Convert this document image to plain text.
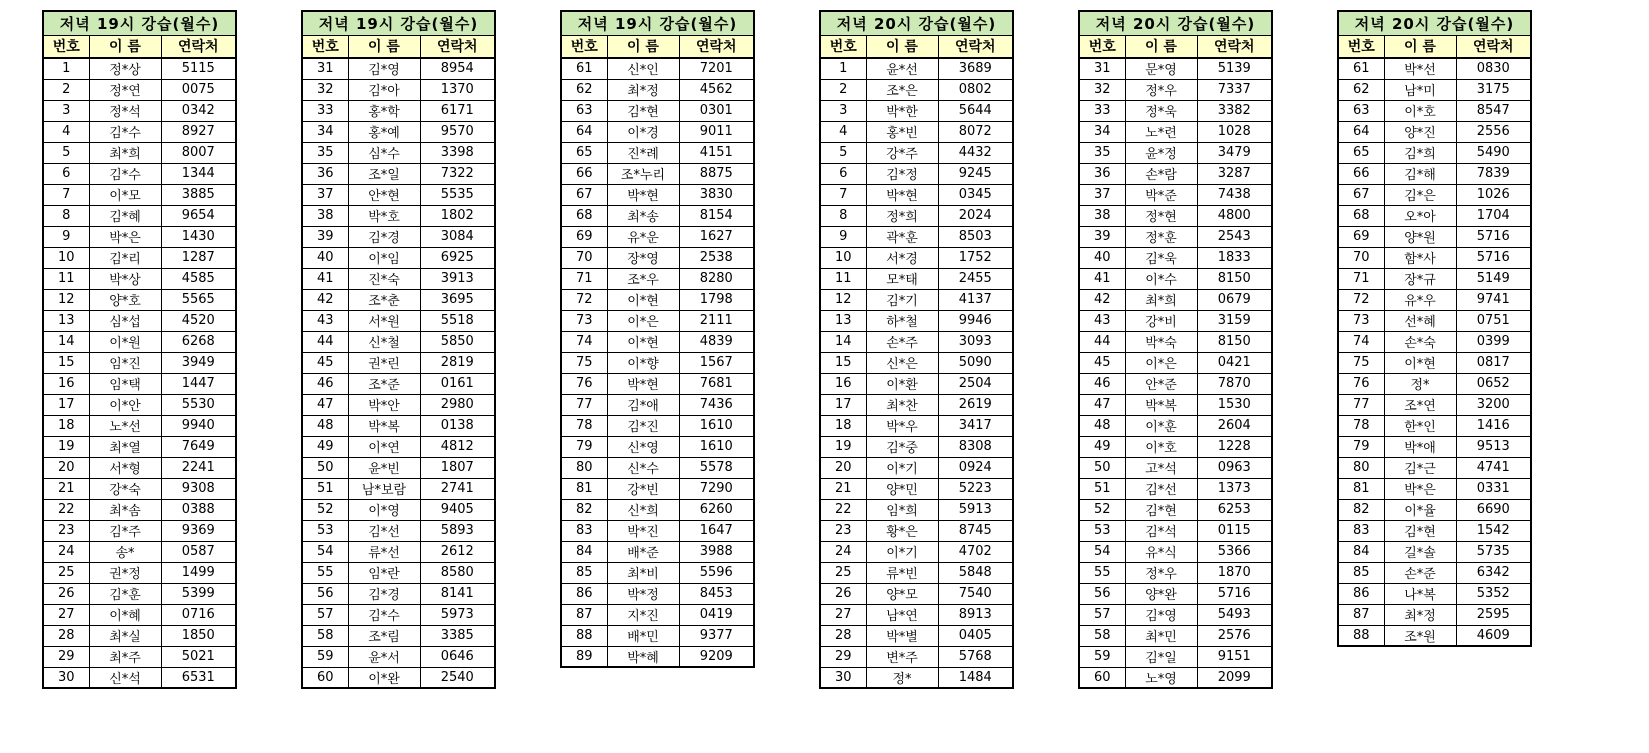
저녁 19시 강습(월수)		
번호	이 름	연락처
1	정*상	5115
2	정*연	0075
3	정*석	0342
4	김*수	8927
5	최*희	8007
6	김*수	1344
7	이*모	3885
8	김*혜	9654
9	박*은	1430
10	김*리	1287
11	박*상	4585
12	양*호	5565
13	심*섭	4520
14	이*원	6268
15	임*진	3949
16	임*택	1447
17	이*안	5530
18	노*선	9940
19	최*열	7649
20	서*형	2241
21	강*숙	9308
22	최*솜	0388
23	김*주	9369
24	송*	0587
25	권*정	1499
26	김*훈	5399
27	이*혜	0716
28	최*실	1850
29	최*주	5021
30	신*석	6531
저녁 19시 강습(월수)		
번호	이 름	연락처
31	김*영	8954
32	김*아	1370
33	홍*학	6171
34	홍*예	9570
35	심*수	3398
36	조*일	7322
37	안*현	5535
38	박*호	1802
39	김*경	3084
40	이*임	6925
41	진*숙	3913
42	조*춘	3695
43	서*원	5518
44	신*철	5850
45	권*린	2819
46	조*준	0161
47	박*안	2980
48	박*복	0138
49	이*연	4812
50	윤*빈	1807
51	남*보람	2741
52	이*영	9405
53	김*선	5893
54	류*선	2612
55	임*란	8580
56	김*경	8141
57	김*수	5973
58	조*림	3385
59	윤*서	0646
60	이*완	2540
저녁 19시 강습(월수)		
번호	이 름	연락처
61	신*인	7201
62	최*정	4562
63	김*현	0301
64	이*경	9011
65	진*례	4151
66	조*누리	8875
67	박*현	3830
68	최*송	8154
69	유*운	1627
70	장*영	2538
71	조*우	8280
72	이*현	1798
73	이*은	2111
74	이*현	4839
75	이*향	1567
76	박*현	7681
77	김*애	7436
78	김*진	1610
79	신*영	1610
80	신*수	5578
81	강*빈	7290
82	신*희	6260
83	박*진	1647
84	배*준	3988
85	최*비	5596
86	박*정	8453
87	지*진	0419
88	배*민	9377
89	박*혜	9209
저녁 20시 강습(월수)		
번호	이 름	연락처
1	윤*선	3689
2	조*은	0802
3	박*한	5644
4	홍*빈	8072
5	강*주	4432
6	김*정	9245
7	박*현	0345
8	정*희	2024
9	곽*훈	8503
10	서*경	1752
11	모*태	2455
12	김*기	4137
13	하*철	9946
14	손*주	3093
15	신*은	5090
16	이*환	2504
17	최*찬	2619
18	박*우	3417
19	김*중	8308
20	이*기	0924
21	양*민	5223
22	임*희	5913
23	황*은	8745
24	이*기	4702
25	류*빈	5848
26	양*모	7540
27	남*연	8913
28	박*별	0405
29	변*주	5768
30	정*	1484
저녁 20시 강습(월수)		
번호	이 름	연락처
31	문*영	5139
32	정*우	7337
33	정*욱	3382
34	노*련	1028
35	윤*정	3479
36	손*람	3287
37	박*준	7438
38	정*현	4800
39	정*훈	2543
40	김*욱	1833
41	이*수	8150
42	최*희	0679
43	강*비	3159
44	박*숙	8150
45	이*은	0421
46	안*준	7870
47	박*복	1530
48	이*훈	2604
49	이*호	1228
50	고*석	0963
51	김*선	1373
52	김*현	6253
53	김*석	0115
54	유*식	5366
55	정*우	1870
56	양*완	5716
57	김*영	5493
58	최*민	2576
59	김*일	9151
60	노*영	2099
저녁 20시 강습(월수)		
번호	이 름	연락처
61	박*선	0830
62	남*미	3175
63	이*호	8547
64	양*진	2556
65	김*희	5490
66	김*해	7839
67	김*은	1026
68	오*아	1704
69	양*원	5716
70	함*사	5716
71	장*규	5149
72	유*우	9741
73	선*혜	0751
74	손*숙	0399
75	이*현	0817
76	정*	0652
77	조*연	3200
78	한*인	1416
79	박*애	9513
80	김*근	4741
81	박*은	0331
82	이*율	6690
83	김*현	1542
84	길*솔	5735
85	손*준	6342
86	나*복	5352
87	최*정	2595
88	조*원	4609
